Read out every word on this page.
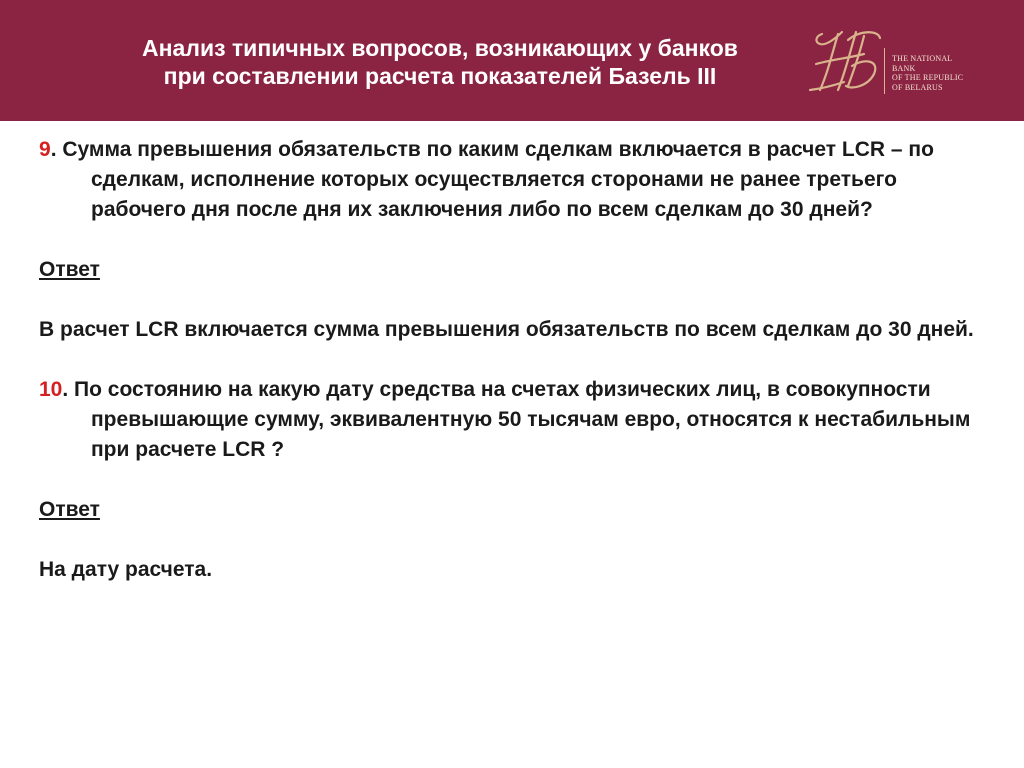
Анализ типичных вопросов, возникающих у банков
при составлении расчета показателей Базель III
THE NATIONAL
BANK
OF THE REPUBLIC
OF BELARUS

9. Сумма превышения обязательств по каким сделкам включается в расчет LCR – по сделкам, исполнение которых осуществляется сторонами не ранее третьего рабочего дня после дня их заключения либо по всем сделкам до 30 дней?

Ответ

В расчет LCR включается сумма превышения обязательств по всем сделкам до 30 дней.

10. По состоянию на какую дату средства на счетах физических лиц, в совокупности превышающие сумму, эквивалентную 50 тысячам евро, относятся к нестабильным при расчете LCR ?

Ответ

На дату расчета.
